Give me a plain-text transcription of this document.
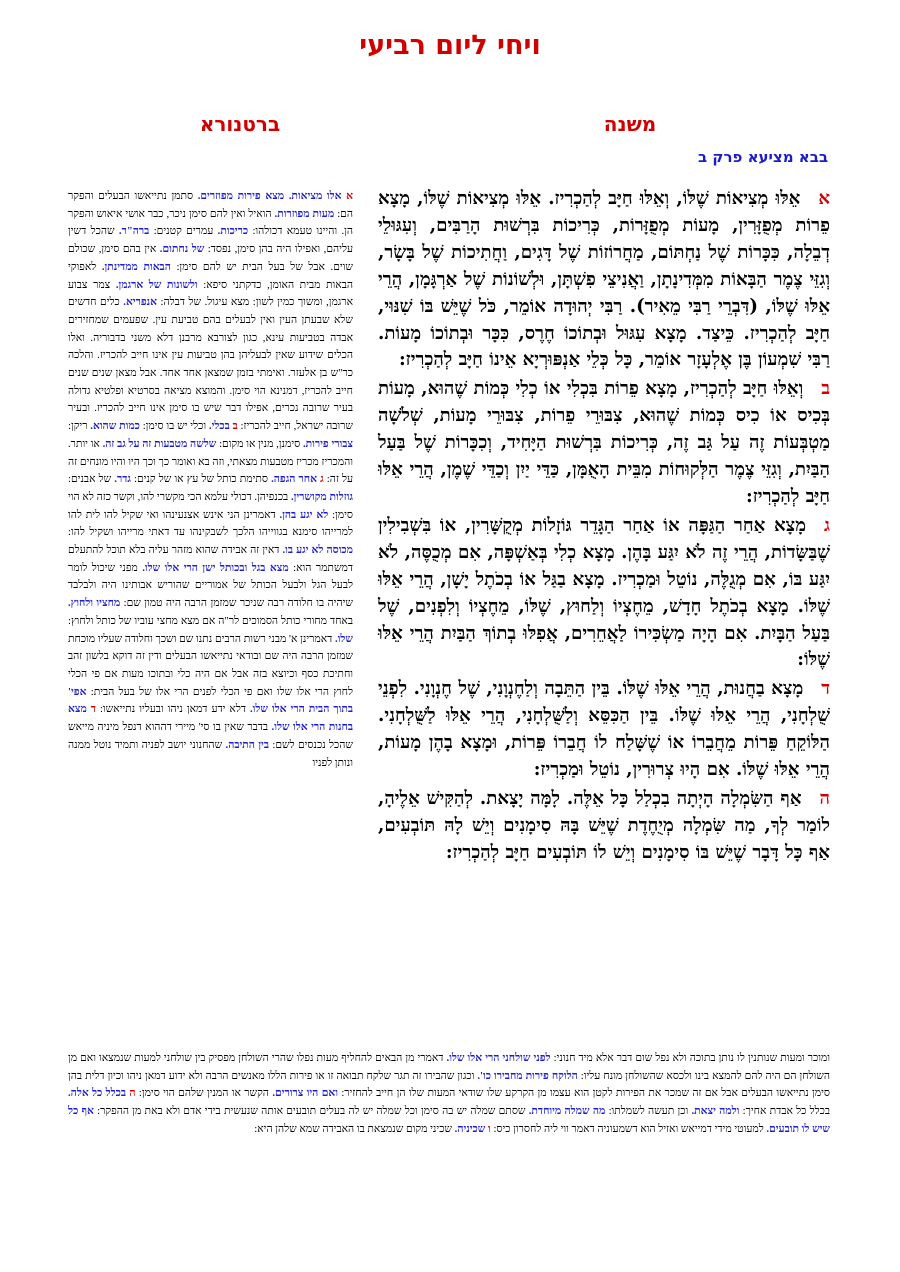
ויחי ליום רביעי
משנה
ברטנורא
בבא מציעא פרק ב

אאֵלּוּ מְצִיאוֹת שֶׁלּוֹ, וְאֵלּוּ חַיָּב לְהַכְרִיז. אֵלּוּ מְצִיאוֹת שֶׁלּוֹ, מָצָא פֵרוֹת מְפֻזָּרִין, מָעוֹת מְפֻזָּרוֹת, כְּרִיכוֹת בִּרְשׁוּת הָרַבִּים, וְעִגּוּלֵי דְבֵלָה, כִּכָּרוֹת שֶׁל נַחְתּוֹם, מַחֲרוֹזוֹת שֶׁל דָּגִים, וַחֲתִיכוֹת שֶׁל בָּשָׂר, וְגִזֵּי צֶמֶר הַבָּאוֹת מִמְּדִינָתָן, וַאֲנִיצֵי פִשְׁתָּן, וּלְשׁוֹנוֹת שֶׁל אַרְגָּמָן, הֲרֵי אֵלּוּ שֶׁלּוֹ, (דִּבְרֵי רַבִּי מֵאִיר). רַבִּי יְהוּדָה אוֹמֵר, כֹּל שֶׁיֵּשׁ בּוֹ שִׁנּוּי, חַיָּב לְהַכְרִיז. כֵּיצַד. מָצָא עִגּוּל וּבְתוֹכוֹ חֶרֶס, כִּכָּר וּבְתוֹכוֹ מָעוֹת. רַבִּי שִׁמְעוֹן בֶּן אֶלְעָזָר אוֹמֵר, כָּל כְּלֵי אַנְפּוּרְיָא אֵינוֹ חַיָּב לְהַכְרִיז:

בוְאֵלּוּ חַיָּב לְהַכְרִיז, מָצָא פֵרוֹת בִּכְלִי אוֹ כְלִי כְּמוֹת שֶׁהוּא, מָעוֹת בְּכִיס אוֹ כִיס כְּמוֹת שֶׁהוּא, צִבּוּרֵי פֵרוֹת, צִבּוּרֵי מָעוֹת, שְׁלֹשָׁה מַטְבְּעוֹת זֶה עַל גַּב זֶה, כְּרִיכוֹת בִּרְשׁוּת הַיָּחִיד, וְכִכָּרוֹת שֶׁל בַּעַל הַבַּיִת, וְגִזֵּי צֶמֶר הַלְּקוּחוֹת מִבֵּית הָאֻמָּן, כַּדֵּי יַיִן וְכַדֵּי שֶׁמֶן, הֲרֵי אֵלּוּ חַיָּב לְהַכְרִיז:

גמָצָא אַחַר הַגַּפָּה אוֹ אַחַר הַגָּדֵר גּוֹזָלוֹת מְקֻשָּׁרִין, אוֹ בִּשְׁבִילִין שֶׁבַּשָּׂדוֹת, הֲרֵי זֶה לֹא יִגַּע בָּהֶן. מָצָא כְלִי בְּאַשְׁפָּה, אִם מְכֻסֶּה, לֹא יִגַּע בּוֹ, אִם מְגֻלֶּה, נוֹטֵל וּמַכְרִיז. מָצָא בַגַּל אוֹ בְכֹתֶל יָשָׁן, הֲרֵי אֵלּוּ שֶׁלּוֹ. מָצָא בְכֹתֶל חָדָשׁ, מֵחֶצְיוֹ וְלַחוּץ, שֶׁלּוֹ, מֵחֶצְיוֹ וְלִפְנִים, שֶׁל בַּעַל הַבָּיִת. אִם הָיָה מַשְׂכִּירוֹ לַאֲחֵרִים, אֲפִלּוּ בְתוֹךְ הַבַּיִת הֲרֵי אֵלּוּ שֶׁלּוֹ:

דמָצָא בַחֲנוּת, הֲרֵי אֵלּוּ שֶׁלּוֹ. בֵּין הַתֵּבָה וְלַחֶנְוָנִי, שֶׁל חֶנְוָנִי. לִפְנֵי שֻׁלְחָנִי, הֲרֵי אֵלּוּ שֶׁלּוֹ. בֵּין הַכִּסֵּא וְלַשֻּׁלְחָנִי, הֲרֵי אֵלּוּ לַשֻּׁלְחָנִי. הַלּוֹקֵחַ פֵּרוֹת מֵחֲבֵרוֹ אוֹ שֶׁשָּׁלַח לוֹ חֲבֵרוֹ פֵּרוֹת, וּמָצָא בָהֶן מָעוֹת, הֲרֵי אֵלּוּ שֶׁלּוֹ. אִם הָיוּ צְרוּרִין, נוֹטֵל וּמַכְרִיז:

האַף הַשִּׂמְלָה הָיְתָה בִכְלַל כָּל אֵלֶּה. לָמָּה יָצָאת. לְהַקִּישׁ אֵלֶיהָ, לוֹמַר לְךָ, מַה שִּׂמְלָה מְיֻחֶדֶת שֶׁיֵּשׁ בָּהּ סִימָנִים וְיֵשׁ לָהּ תּוֹבְעִים, אַף כָּל דָּבָר שֶׁיֵּשׁ בּוֹ סִימָנִים וְיֵשׁ לוֹ תּוֹבְעִים חַיָּב לְהַכְרִיז:

א אלו מציאות. מצא פירות מפוזרים. סתמן נתייאשו הבעלים והפקר הם: מעות מפוזרות. הואיל ואין להם סימן ניכר, כבר אושי איאוש והפקר הן. והיינו טעמא דכולהו: כריכות. עמרים קטנים: ברה"ר. שהכל דשין עליהם, ואפילו היה בהן סימן, נפסד: של נחתום. אין בהם סימן, שכולם שוים. אבל של בעל הבית יש להם סימן: הבאות ממדינתן. לאפוקי הבאות מבית האומן, כדקתני סיפא: ולשונות של ארגמן. צמר צבוע ארגמן, ומשוך כמין לשון: מצא עיגול. של דבלה: אנפריא. כלים חדשים שלא שבעתן העין ואין לבעלים בהם טביעת עין. שפעמים שמחזירים אבדה בטביעות עינא, כגון לצורבא מרבנן דלא משני בדבוריה. ואלו הכלים שידוע שאין לבעליהן בהן טביעות עין אינו חייב להכריז. והלכה כר"ש בן אלעזר. ואימתי בזמן שמצאן אחד אחד. אבל מצאן שנים שנים חייב להכריז, דמנינא הוי סימן. והמוצא מציאה בסרטיא ופלטיא גדולה בעיר שרובה נכרים, אפילו דבר שיש בו סימן אינו חייב להכריז. ובעיר שרובה ישראל, חייב להכריז: ב בכלי. וכלי יש בו סימן: כמות שהוא. ריקן: צבורי פירות. סימנן, מנין או מקום: שלשה מטבעות זה על גב זה. או יותר. והמכריז מכריז מטבעות מצאתי, וזה בא ואומר כך וכך היו והיו מונחים זה על זה: ג אחר הגפה. סתימת כותל של עץ או של קנים: גדר. של אבנים: גוזלות מקושרין. בכנפיהן. דכולי עלמא הכי מקשרי להו, וקשר כזה לא הוי סימן: לא יגע בהן. דאמרינן הני אינש אצנעינהו ואי שקיל להו לית להו למרייהו סימנא בגווייהו הלכך לשבקינהו עד דאתי מרייהו ושקיל להו: מכוסה לא יגע בו. דאין זה אבידה שהוא מזהר עליה בלא תוכל להתעלם דמשתמר הוא: מצא בגל ובכותל ישן הרי אלו שלו. מפני שיכול לומר לבעל הגל ולבעל הכותל של אמוריים שהוריש אבותינו היה ולבלבד שיהיה בו חלודה רבה שניכר שמזמן הרבה היה טמון שם: מחציו ולחוץ. באחד מחורי כותל הסמוכים לר"ה אם מצא מחצי עוביו של כותל ולחוץ: שלו. דאמרינן א' מבני רשות הרבים נתנו שם ושכך וחלודה שעליו מוכחת שמזמן הרבה היה שם ובודאי נתייאשו הבעלים ודין זה דוקא בלשון זהב וחתיכת כסף וכיוצא בזה אבל אם היה כלי ובתוכו מעות אם פי הכלי לחוץ הרי אלו שלו ואם פי הכלי לפנים הרי אלו של בעל הבית: אפי' בתוך הבית הרי אלו שלו. דלא ידע דמאן ניהו ובעליו נתייאשו: ד מצא בחנות הרי אלו שלו. בדבר שאין בו סי' מיירי דההוא דנפל מיניה מייאש שהכל נכנסים לשם: בין התיבה. שהחנוני יושב לפניה ותמיד נוטל ממנה ונותן לפניו
ומוכר ומעות שנותנין לו נותן בתוכה ולא נפל שום דבר אלא מיד חנוני: לפני שולחני הרי אלו שלו. דאמרי מן הבאים להחליף מעות נפלו שהרי השולחן מפסיק בין שולחני למעות שנמצאו ואם מן השולחן הם היה להם להמצא בינו ולכסא שהשולחן מונח עליו: הלוקח פירות מחבירו כו'. וכגון שהבירו זה תגר שלקח תבואה זו או פירות הללו מאנשים הרבה ולא ידוע דמאן ניהו וכיון דלית בהן סימן נתייאשו הבעלים אבל אם זה שמכר את הפירות לקטן הוא עצמו מן הקרקע שלו שודאי המעות שלו הן חייב להחזיר: ואם היו צרורים. הקשר או המנין שלהם הוי סימן: ה בכלל כל אלה. בכלל כל אבדת אחיך: ולמה יצאת. וכן תעשה לשמלתו: מה שמלה מיוחדת. שסתם שמלה יש בה סימן וכל שמלה יש לה בעלים תובעים אותה שנעשית בידי אדם ולא באת מן ההפקר: אף כל שיש לו תובעים. למעוטי מידי דמייאש ואזיל הוא דשמעוניה דאמר ווי ליה לחסרון כיס: ו שכיניה. שכיני מקום שנמצאת בו האבידה שמא שלהן היא:
